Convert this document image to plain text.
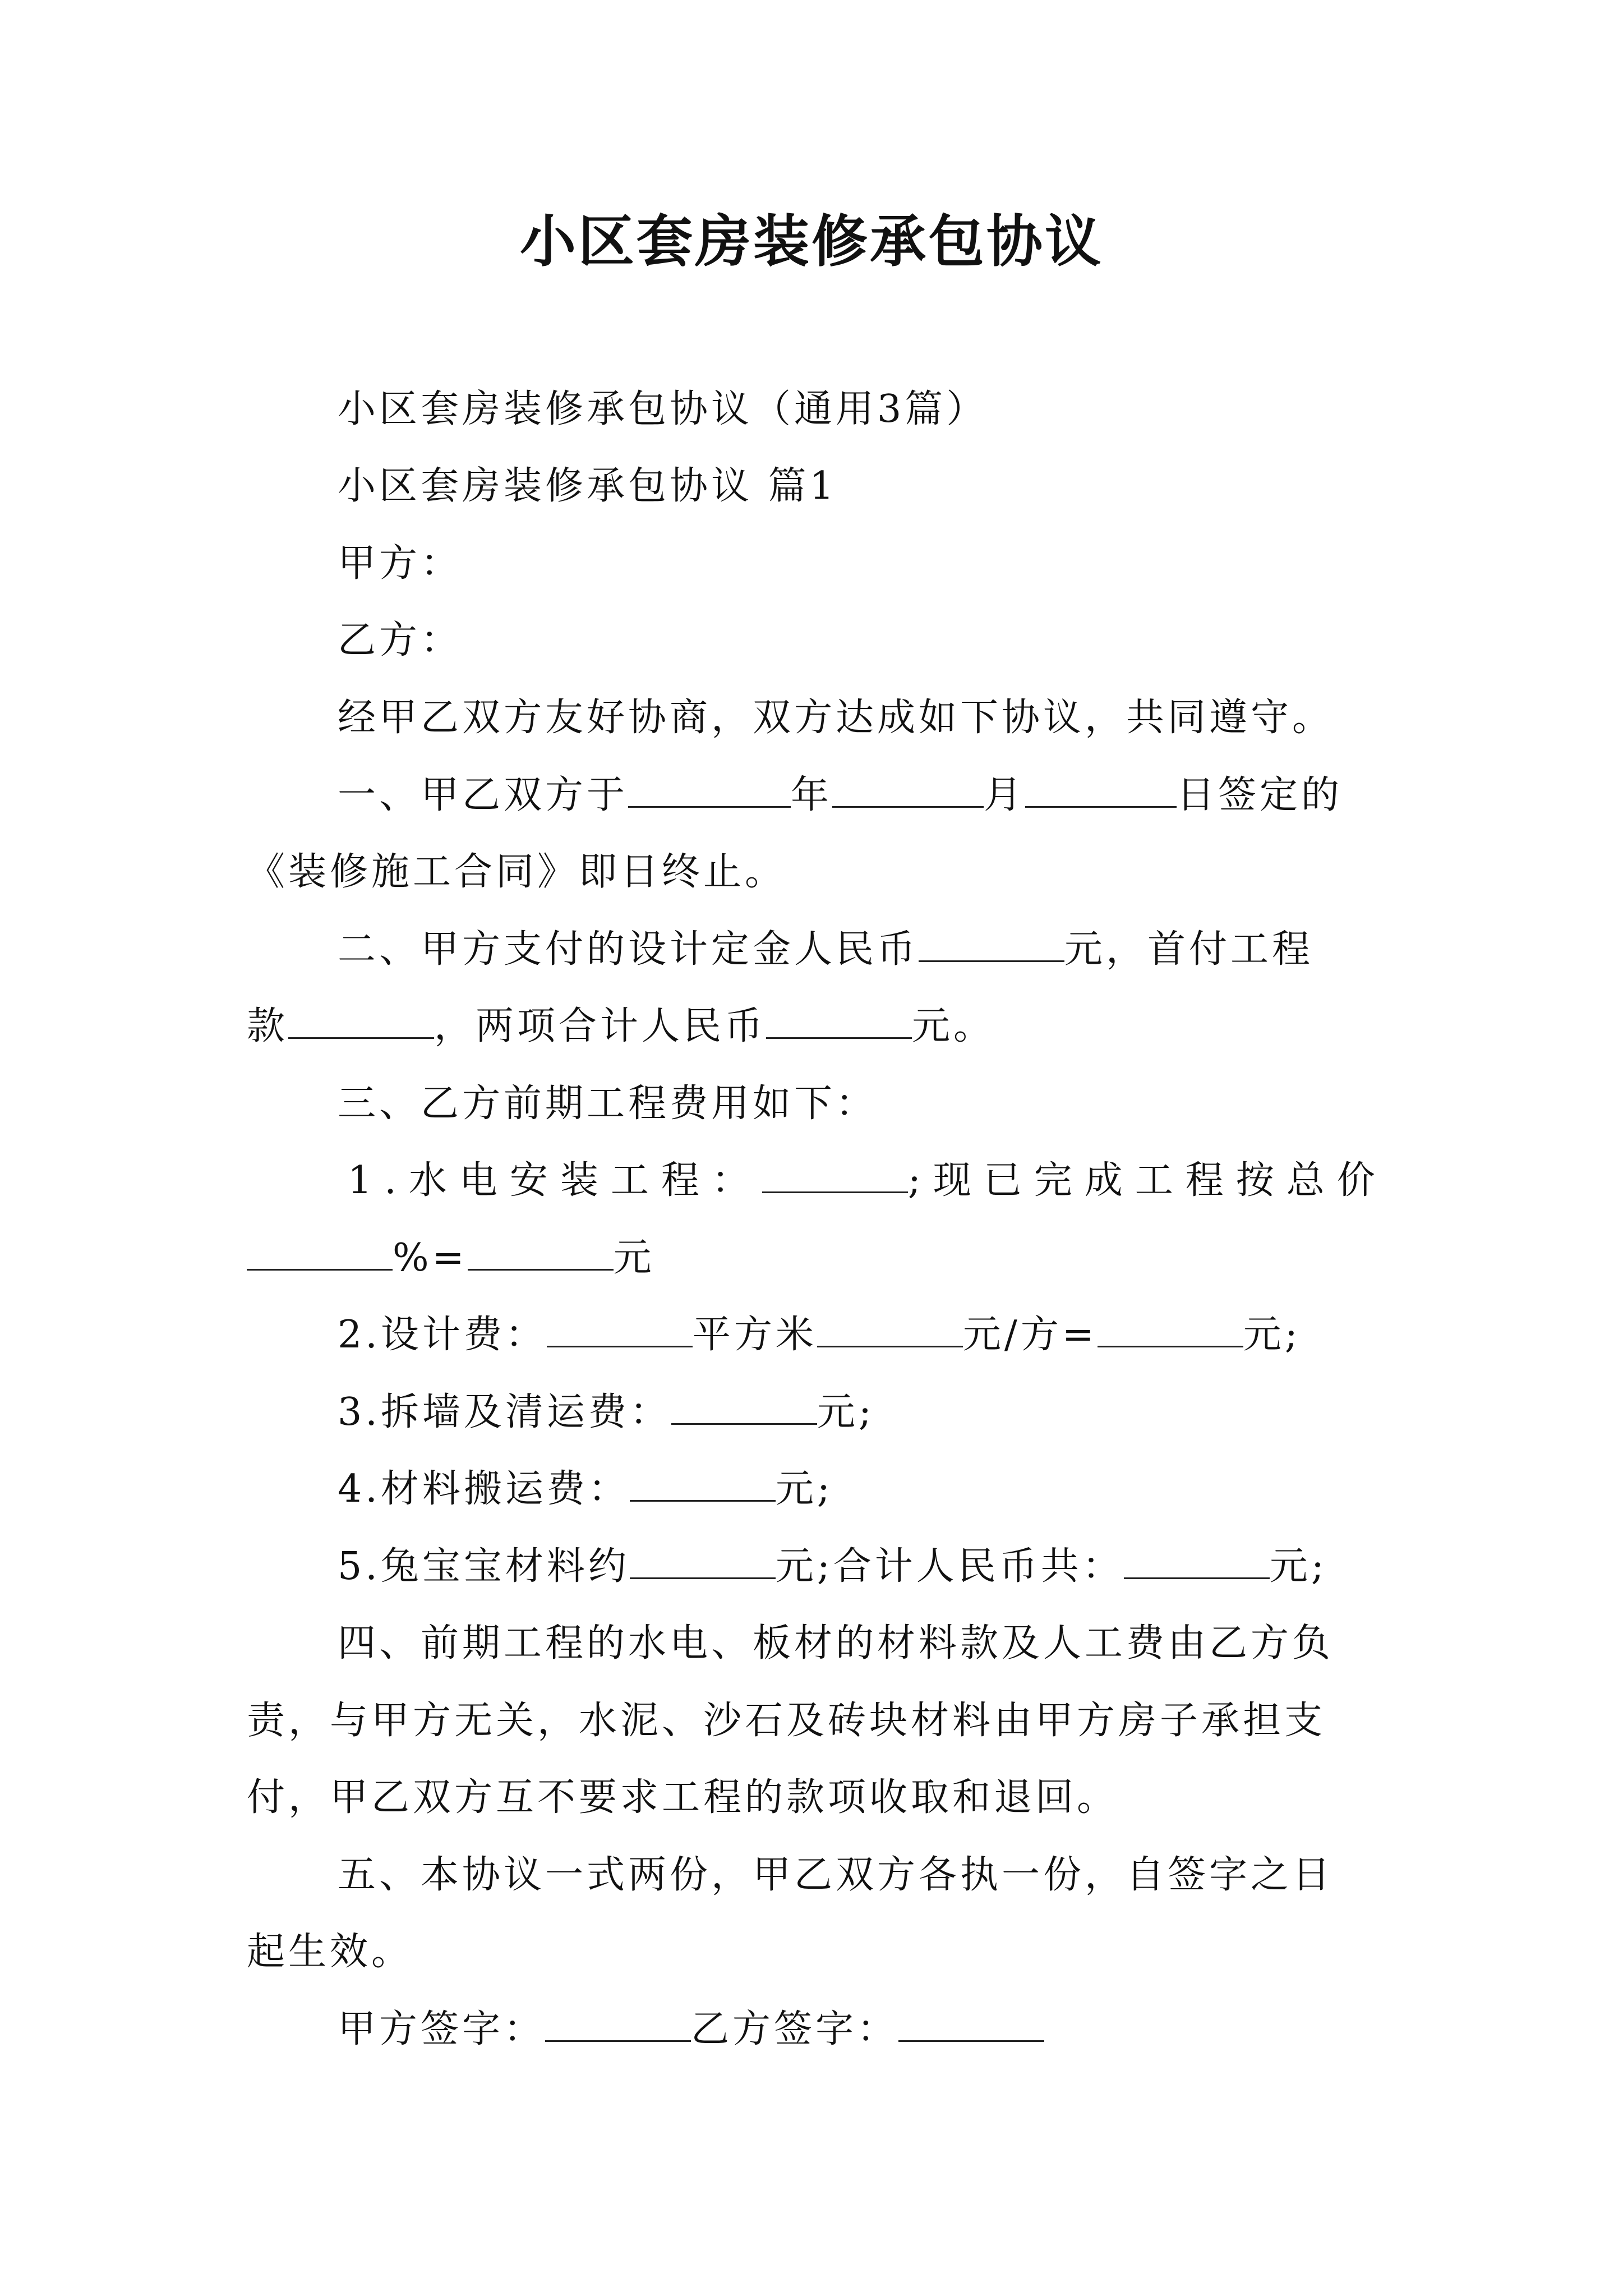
小区套房装修承包协议
小区套房装修承包协议（通用3篇）
小区套房装修承包协议 篇1
甲方：
乙方：
经甲乙双方友好协商，双方达成如下协议，共同遵守。
一、甲乙双方于	年	月	日签定的
《装修施工合同》即日终止。
二、甲方支付的设计定金人民币	元，首付工程
款	，两项合计人民币	元。
三、乙方前期工程费用如下：
1.水电安装工程：	;现已完成工程按总价
%=	元
2.设计费：	平方米	元/方=	元;
3.拆墙及清运费：	元;
4.材料搬运费：	元;
5.兔宝宝材料约	元;合计人民币共：	元;
四、前期工程的水电、板材的材料款及人工费由乙方负
责，与甲方无关，水泥、沙石及砖块材料由甲方房子承担支
付，甲乙双方互不要求工程的款项收取和退回。
五、本协议一式两份，甲乙双方各执一份，自签字之日
起生效。
甲方签字：	乙方签字：
